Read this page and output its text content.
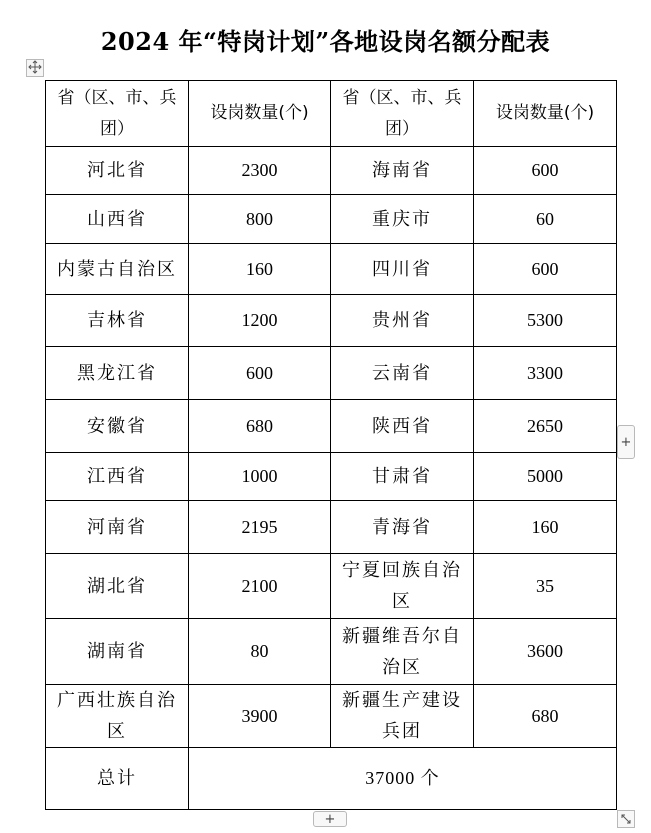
2024 年“特岗计划”各地设岗名额分配表
省（区、市、兵团）	设岗数量(个)	省（区、市、兵团）	设岗数量(个)
河北省	2300	海南省	600
山西省	800	重庆市	60
内蒙古自治区	160	四川省	600
吉林省	1200	贵州省	5300
黑龙江省	600	云南省	3300
安徽省	680	陕西省	2650
江西省	1000	甘肃省	5000
河南省	2195	青海省	160
湖北省	2100	宁夏回族自治区	35
湖南省	80	新疆维吾尔自治区	3600
广西壮族自治区	3900	新疆生产建设兵团	680
总计	37000 个		
+
+
